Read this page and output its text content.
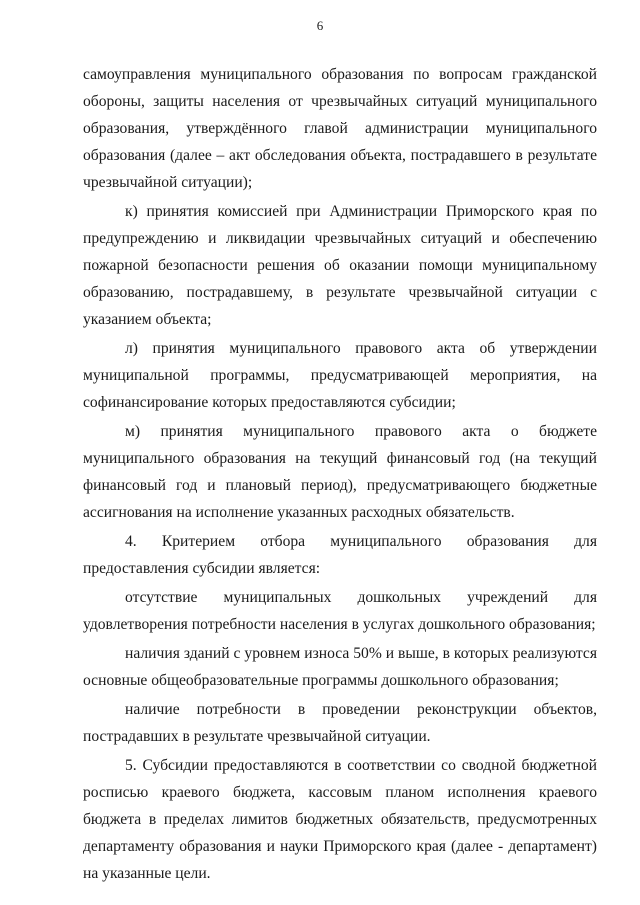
6

самоуправления муниципального образования по вопросам гражданской обороны, защиты населения от чрезвычайных ситуаций муниципального образования, утверждённого главой администрации муниципального образования (далее – акт обследования объекта, пострадавшего в результате чрезвычайной ситуации);

к) принятия комиссией при Администрации Приморского края по предупреждению и ликвидации чрезвычайных ситуаций и обеспечению пожарной безопасности решения об оказании помощи муниципальному образованию, пострадавшему, в результате чрезвычайной ситуации с указанием объекта;

л) принятия муниципального правового акта об утверждении муниципальной программы, предусматривающей мероприятия, на софинансирование которых предоставляются субсидии;

м) принятия муниципального правового акта о бюджете муниципального образования на текущий финансовый год (на текущий финансовый год и плановый период), предусматривающего бюджетные ассигнования на исполнение указанных расходных обязательств.

4. Критерием отбора муниципального образования для предоставления субсидии является:

отсутствие муниципальных дошкольных учреждений для удовлетворения потребности населения в услугах дошкольного образования;

наличия зданий с уровнем износа 50% и выше, в которых реализуются основные общеобразовательные программы дошкольного образования;

наличие потребности в проведении реконструкции объектов, пострадавших в результате чрезвычайной ситуации.

5. Субсидии предоставляются в соответствии со сводной бюджетной росписью краевого бюджета, кассовым планом исполнения краевого бюджета в пределах лимитов бюджетных обязательств, предусмотренных департаменту образования и науки Приморского края (далее - департамент) на указанные цели.
